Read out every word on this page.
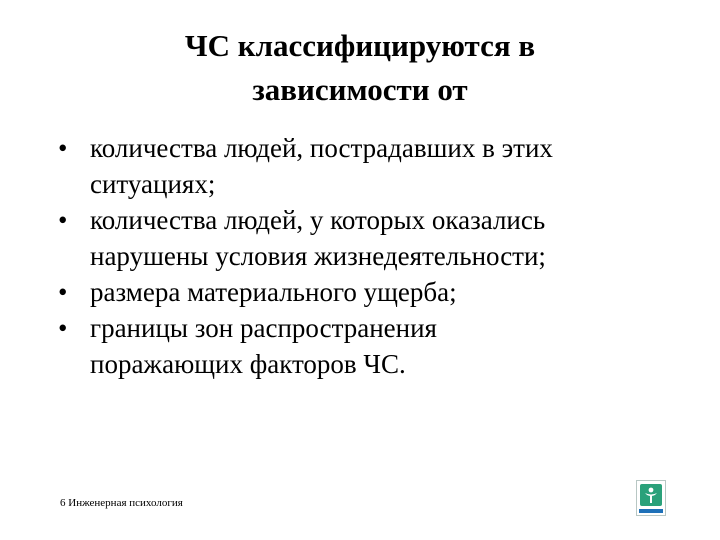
ЧС классифицируются в
зависимости от
• количества людей, пострадавших в этих
ситуациях;
• количества людей, у которых оказались
нарушены условия жизнедеятельности;
• размера материального ущерба;
• границы зон распространения
поражающих факторов ЧС.
6 Инженерная психология
